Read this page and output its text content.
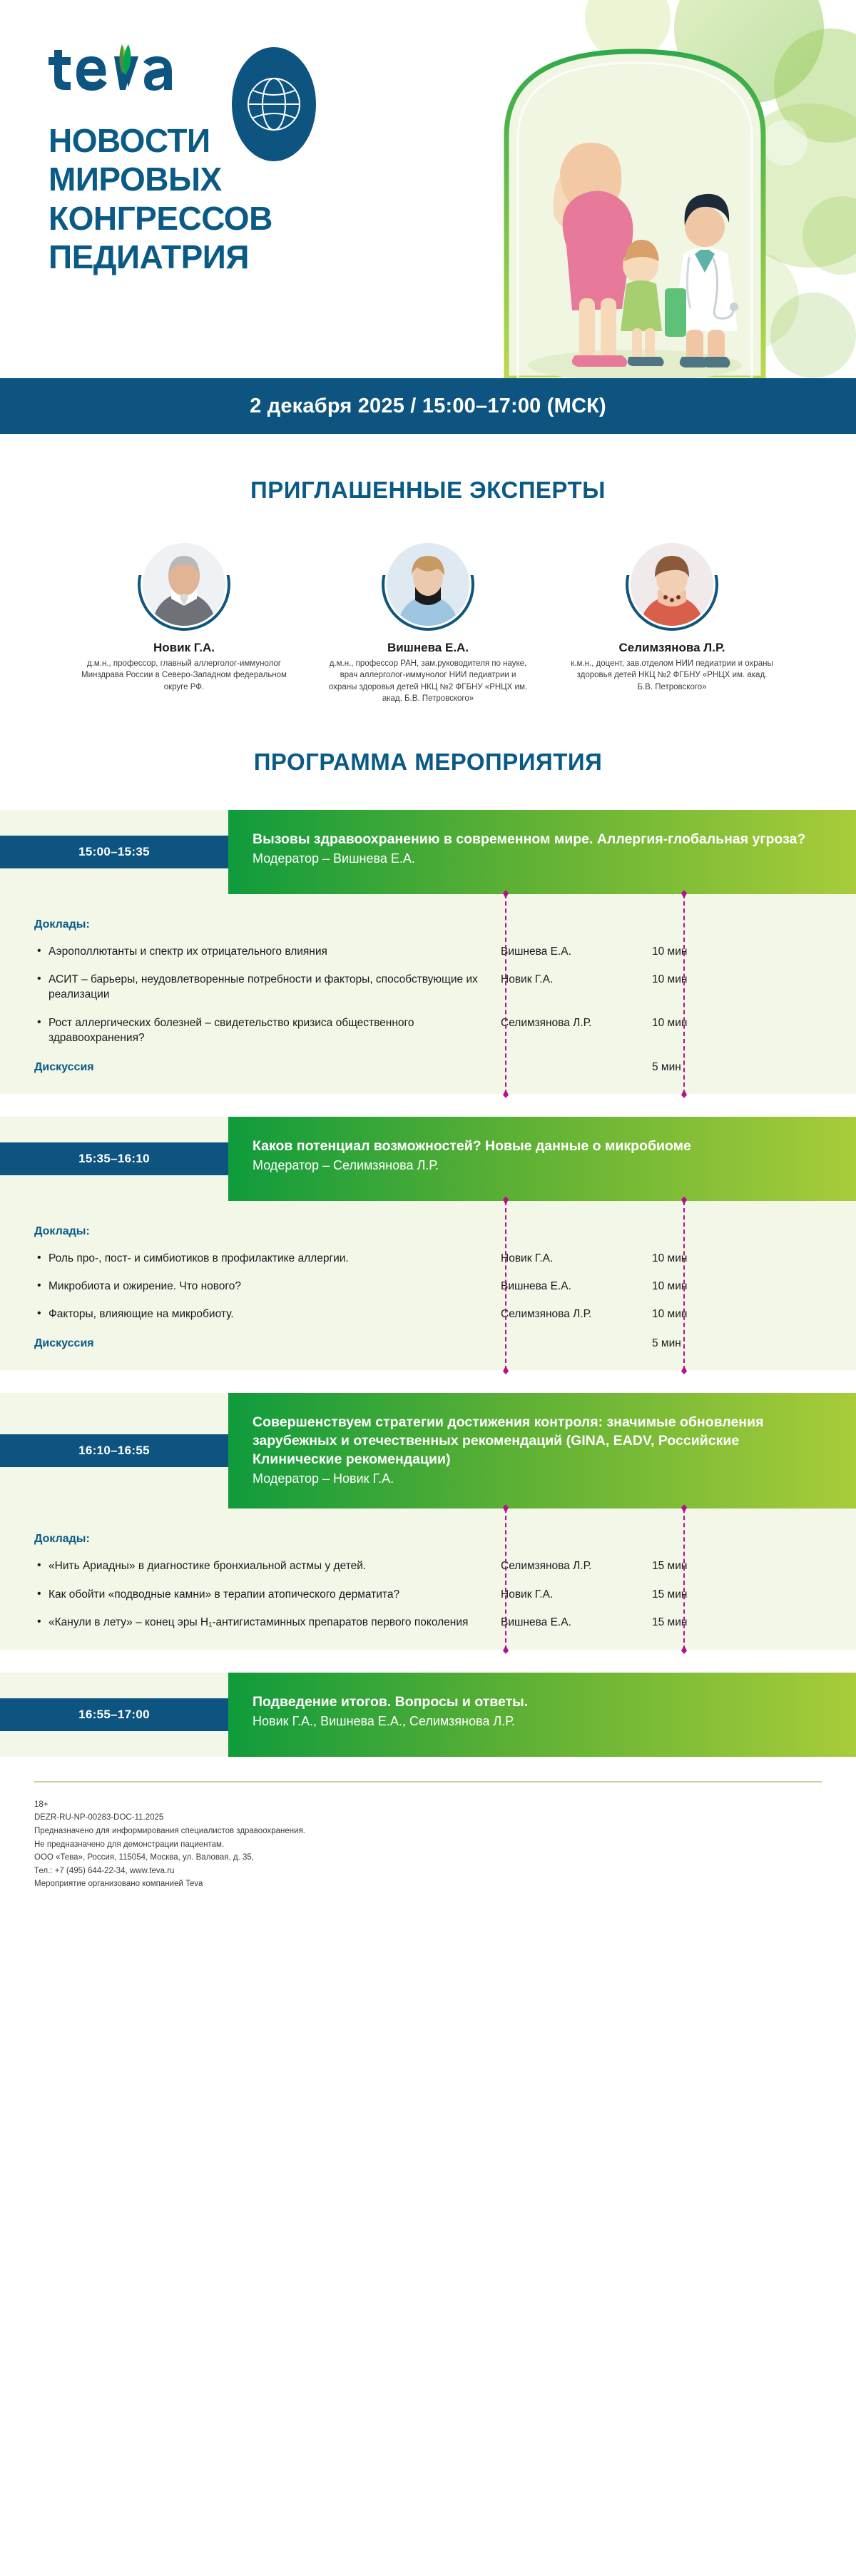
НОВОСТИ
МИРОВЫХ
КОНГРЕССОВ
ПЕДИАТРИЯ
2 декабря 2025 / 15:00–17:00 (МСК)
ПРИГЛАШЕННЫЕ ЭКСПЕРТЫ
Новик Г.А.
д.м.н., профессор, главный аллерголог-иммунолог Минздрава России в Северо-Западном федеральном округе РФ.
Вишнева Е.А.
д.м.н., профессор РАН, зам.руководителя по науке, врач аллерголог-иммунолог НИИ педиатрии и охраны здоровья детей НКЦ №2 ФГБНУ «РНЦХ им. акад. Б.В. Петровского»
Селимзянова Л.Р.
к.м.н., доцент, зав.отделом НИИ педиатрии и охраны здоровья детей НКЦ №2 ФГБНУ «РНЦХ им. акад. Б.В. Петровского»
ПРОГРАММА МЕРОПРИЯТИЯ
15:00–15:35
Вызовы здравоохранению в современном мире. Аллергия-глобальная угроза?
Модератор – Вишнева Е.А.
Доклады:
• Аэрополлютанты и спектр их отрицательного влияния	Вишнева Е.А.	10 мин
• АСИТ – барьеры, неудовлетворенные потребности и факторы, способствующие их реализации
Новик Г.А.	10 мин
• Рост аллергических болезней – свидетельство кризиса общественного здравоохранения?
Селимзянова Л.Р.	10 мин
Дискуссия	5 мин
15:35–16:10
Каков потенциал возможностей? Новые данные о микробиоме
Модератор – Селимзянова Л.Р.
Доклады:
• Роль про-, пост- и симбиотиков в профилактике аллергии.	Новик Г.А.	10 мин
• Микробиота и ожирение. Что нового?	Вишнева Е.А.	10 мин
• Факторы, влияющие на микробиоту.	Селимзянова Л.Р.	10 мин
Дискуссия	5 мин
16:10–16:55
Совершенствуем стратегии достижения контроля: значимые обновления зарубежных и отечественных рекомендаций (GINA, EADV, Российские Клинические рекомендации)
Модератор – Новик Г.А.
Доклады:
• «Нить Ариадны» в диагностике бронхиальной астмы у детей.	Селимзянова Л.Р.	15 мин
• Как обойти «подводные камни» в терапии атопического дерматита?	Новик Г.А.	15 мин
• «Канули в лету» – конец эры H₁-антигистаминных препаратов первого поколения	Вишнева Е.А.	15 мин
16:55–17:00
Подведение итогов. Вопросы и ответы.
Новик Г.А., Вишнева Е.А., Селимзянова Л.Р.
18+
DEZR-RU-NP-00283-DOC-11.2025
Предназначено для информирования специалистов здравоохранения.
Не предназначено для демонстрации пациентам.
ООО «Тева», Россия, 115054, Москва, ул. Валовая, д. 35,
Тел.: +7 (495) 644-22-34, www.teva.ru
Мероприятие организовано компанией Teva
